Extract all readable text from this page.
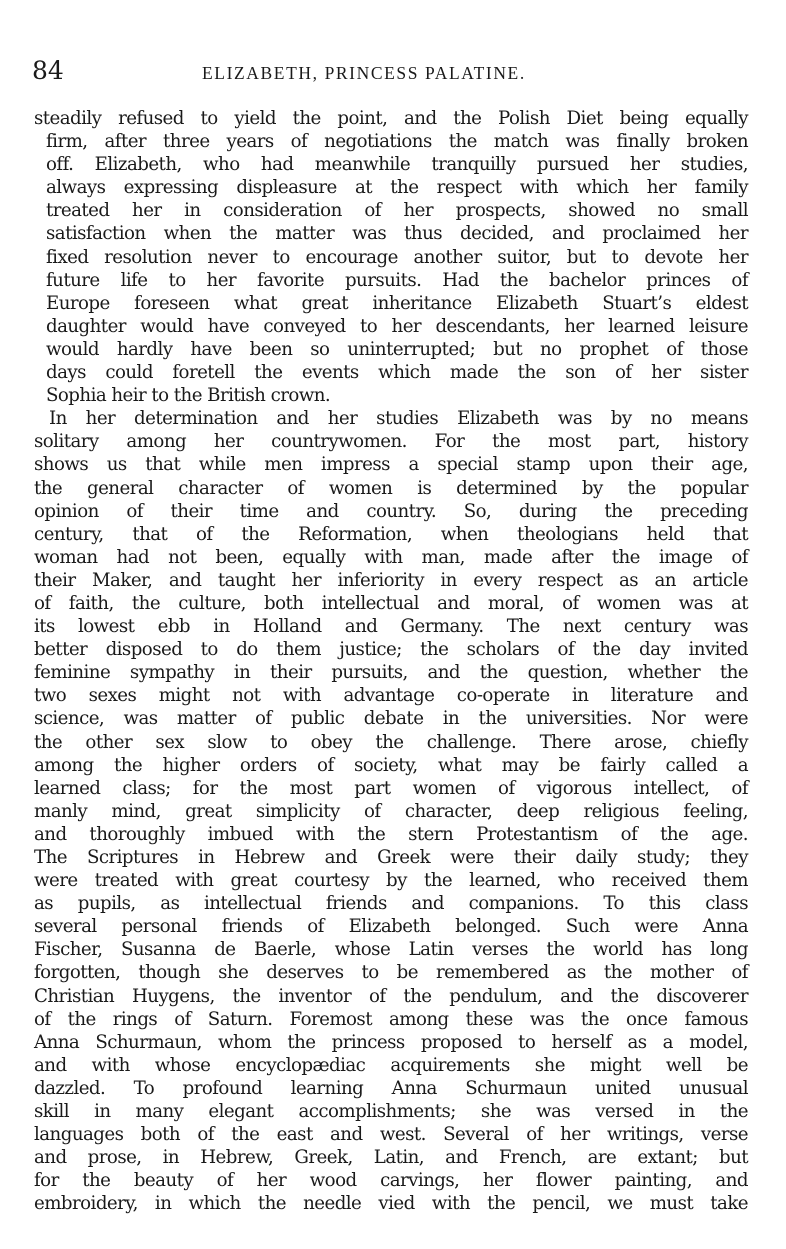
84	ELIZABETH, PRINCESS PALATINE.
steadily refused to yield the point, and the Polish Diet being equally
firm, after three years of negotiations the match was finally broken
off. Elizabeth, who had meanwhile tranquilly pursued her studies,
always expressing displeasure at the respect with which her family
treated her in consideration of her prospects, showed no small
satisfaction when the matter was thus decided, and proclaimed her
fixed resolution never to encourage another suitor, but to devote her
future life to her favorite pursuits. Had the bachelor princes of
Europe foreseen what great inheritance Elizabeth Stuart’s eldest
daughter would have conveyed to her descendants, her learned leisure
would hardly have been so uninterrupted; but no prophet of those
days could foretell the events which made the son of her sister
Sophia heir to the British crown.
In her determination and her studies Elizabeth was by no means
solitary among her countrywomen. For the most part, history
shows us that while men impress a special stamp upon their age,
the general character of women is determined by the popular
opinion of their time and country. So, during the preceding
century, that of the Reformation, when theologians held that
woman had not been, equally with man, made after the image of
their Maker, and taught her inferiority in every respect as an article
of faith, the culture, both intellectual and moral, of women was at
its lowest ebb in Holland and Germany. The next century was
better disposed to do them justice; the scholars of the day invited
feminine sympathy in their pursuits, and the question, whether the
two sexes might not with advantage co-operate in literature and
science, was matter of public debate in the universities. Nor were
the other sex slow to obey the challenge. There arose, chiefly
among the higher orders of society, what may be fairly called a
learned class; for the most part women of vigorous intellect, of
manly mind, great simplicity of character, deep religious feeling,
and thoroughly imbued with the stern Protestantism of the age.
The Scriptures in Hebrew and Greek were their daily study; they
were treated with great courtesy by the learned, who received them
as pupils, as intellectual friends and companions. To this class
several personal friends of Elizabeth belonged. Such were Anna
Fischer, Susanna de Baerle, whose Latin verses the world has long
forgotten, though she deserves to be remembered as the mother of
Christian Huygens, the inventor of the pendulum, and the discoverer
of the rings of Saturn. Foremost among these was the once famous
Anna Schurmaun, whom the princess proposed to herself as a model,
and with whose encyclopædiac acquirements she might well be
dazzled. To profound learning Anna Schurmaun united unusual
skill in many elegant accomplishments; she was versed in the
languages both of the east and west. Several of her writings, verse
and prose, in Hebrew, Greek, Latin, and French, are extant; but
for the beauty of her wood carvings, her flower painting, and
embroidery, in which the needle vied with the pencil, we must take
